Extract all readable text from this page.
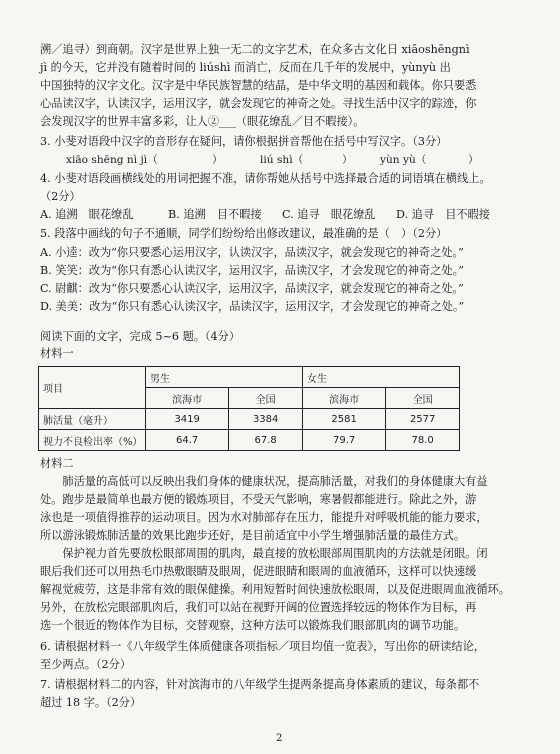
溯／追寻）到商朝。汉字是世界上独一无二的文字艺术，在众多古文化日 xiāoshēngnì
jì 的今天，它并没有随着时间的 liúshì 而消亡，反而在几千年的发展中，yùnyù 出
中国独特的汉字文化。汉字是中华民族智慧的结晶，是中华文明的基因和载体。你只要悉
心品读汉字，认读汉字，运用汉字，就会发现它的神奇之处。寻找生活中汉字的踪迹，你
会发现汉字的世界丰富多彩，让人②___（眼花缭乱／目不暇接）。
3. 小斐对语段中汉字的音形存在疑问，请你根据拼音帮他在括号中写汉字。（3分）
xiāo shēng nì jì（	）	liú shì（	）	yùn yù（	）
4. 小斐对语段画横线处的用词把握不准，请你帮她从括号中选择最合适的词语填在横线上。
（2分）
A. 追溯　眼花缭乱	B. 追溯　目不暇接 C. 追寻　眼花缭乱 D. 追寻　目不暇接
5. 段落中画线的句子不通顺，同学们纷纷给出修改建议，最准确的是（　）（2分）
A. 小逵：改为“你只要悉心运用汉字，认读汉字，品读汉字，就会发现它的神奇之处。”
B. 笑笑：改为“你只有悉心认读汉字，运用汉字，品读汉字，才会发现它的神奇之处。”
C. 尉麒：改为“你只要悉心认读汉字，运用汉字，品读汉字，就会发现它的神奇之处。”
D. 美美：改为“你只有悉心认读汉字，品读汉字，运用汉字，才会发现它的神奇之处。”
阅读下面的文字，完成 5~6 题。（4分）
材料一
项目	男生		女生	
	滨海市	全国	滨海市	全国
肺活量（毫升）	3419	3384	2581	2577
视力不良检出率（%）	64.7	67.8	79.7	78.0
材料二
　　肺活量的高低可以反映出我们身体的健康状况，提高肺活量，对我们的身体健康大有益
处。跑步是最简单也最方便的锻炼项目，不受天气影响，寒暑假都能进行。除此之外，游
泳也是一项值得推荐的运动项目。因为水对肺部存在压力，能提升对呼吸机能的能力要求，
所以游泳锻炼肺活量的效果比跑步还好，是目前适宜中小学生增强肺活量的最佳方式。
　　保护视力首先要放松眼部周围的肌肉，最直接的放松眼部周围肌肉的方法就是闭眼。闭
眼后我们还可以用热毛巾热敷眼睛及眼周，促进眼睛和眼周的血液循环，这样可以快速缓
解视觉疲劳，这是非常有效的眼保健操。利用短暂时间快速放松眼周，以及促进眼周血液循环。
另外，在放松完眼部肌肉后，我们可以站在视野开阔的位置选择较远的物体作为目标，再
选一个很近的物体作为目标，交替观察，这种方法可以锻炼我们眼部肌肉的调节功能。
6. 请根据材料一《八年级学生体质健康各项指标／项目均值一览表》，写出你的研读结论，
至少两点。（2分）
7. 请根据材料二的内容，针对滨海市的八年级学生提两条提高身体素质的建议，每条都不
超过 18 字。（2分）
2
